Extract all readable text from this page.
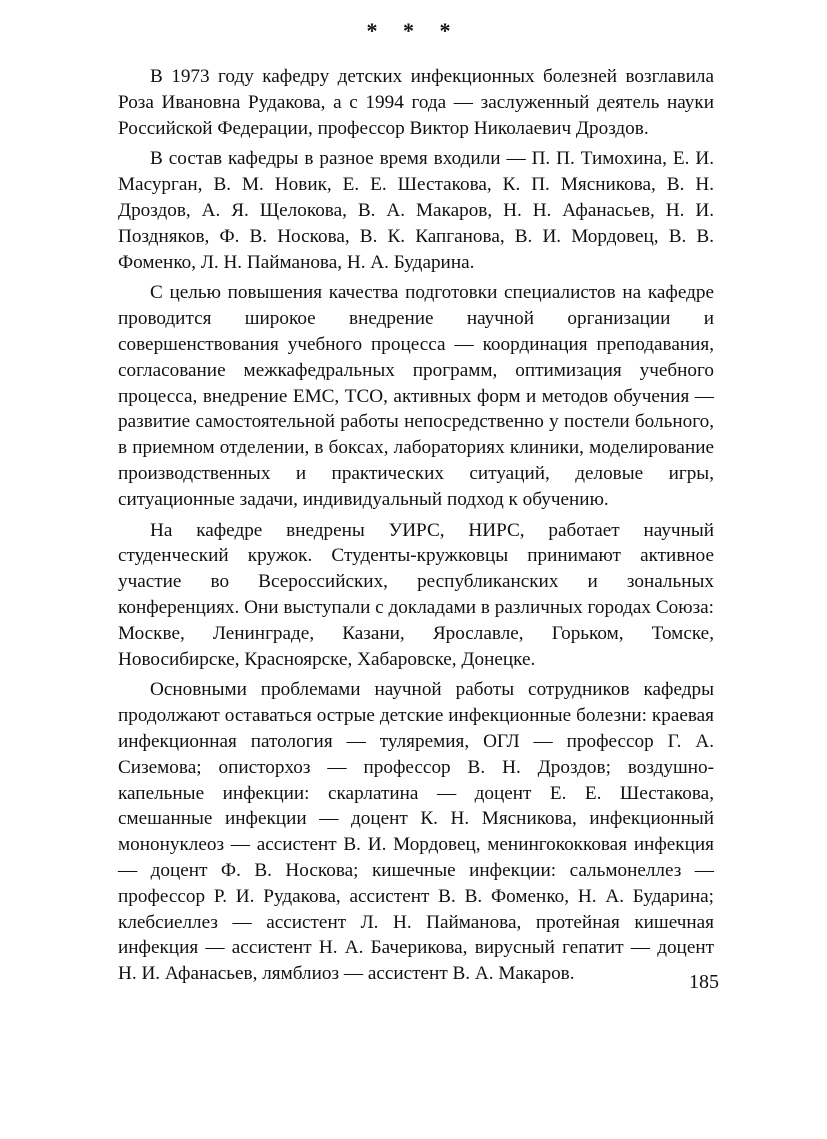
* * *

В 1973 году кафедру детских инфекционных болезней возглавила Роза Ивановна Рудакова, а с 1994 года — заслуженный деятель науки Российской Федерации, профессор Виктор Николаевич Дроздов.

В состав кафедры в разное время входили — П. П. Тимохина, Е. И. Масурган, В. М. Новик, Е. Е. Шестакова, К. П. Мясникова, В. Н. Дроздов, А. Я. Щелокова, В. А. Макаров, Н. Н. Афанасьев, Н. И. Поздняков, Ф. В. Носкова, В. К. Капганова, В. И. Мордовец, В. В. Фоменко, Л. Н. Пайманова, Н. А. Бударина.

С целью повышения качества подготовки специалистов на кафедре проводится широкое внедрение научной организации и совершенствования учебного процесса — координация преподавания, согласование межкафедральных программ, оптимизация учебного процесса, внедрение ЕМС, ТСО, активных форм и методов обучения — развитие самостоятельной работы непосредственно у постели больного, в приемном отделении, в боксах, лабораториях клиники, моделирование производственных и практических ситуаций, деловые игры, ситуационные задачи, индивидуальный подход к обучению.

На кафедре внедрены УИРС, НИРС, работает научный студенческий кружок. Студенты-кружковцы принимают активное участие во Всероссийских, республиканских и зональных конференциях. Они выступали с докладами в различных городах Союза: Москве, Ленинграде, Казани, Ярославле, Горьком, Томске, Новосибирске, Красноярске, Хабаровске, Донецке.

Основными проблемами научной работы сотрудников кафедры продолжают оставаться острые детские инфекционные болезни: краевая инфекционная патология — туляремия, ОГЛ — профессор Г. А. Сиземова; описторхоз — профессор В. Н. Дроздов; воздушно-капельные инфекции: скарлатина — доцент Е. Е. Шестакова, смешанные инфекции — доцент К. Н. Мясникова, инфекционный мононуклеоз — ассистент В. И. Мордовец, менингококковая инфекция — доцент Ф. В. Носкова; кишечные инфекции: сальмонеллез — профессор Р. И. Рудакова, ассистент В. В. Фоменко, Н. А. Бударина; клебсиеллез — ассистент Л. Н. Пайманова, протейная кишечная инфекция — ассистент Н. А. Бачерикова, вирусный гепатит — доцент Н. И. Афанасьев, лямблиоз — ассистент В. А. Макаров.	185
